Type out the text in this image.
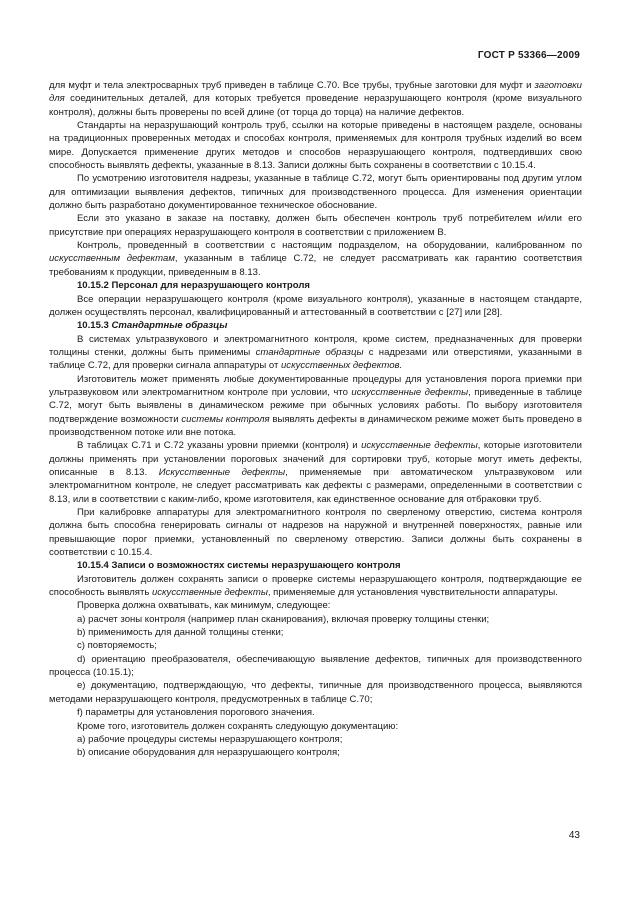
ГОСТ Р 53366—2009

для муфт и тела электросварных труб приведен в таблице С.70. Все трубы, трубные заготовки для муфт и заготовки для соединительных деталей, для которых требуется проведение неразрушающего контроля (кроме визуального контроля), должны быть проверены по всей длине (от торца до торца) на наличие дефектов.

Стандарты на неразрушающий контроль труб, ссылки на которые приведены в настоящем разделе, основаны на традиционных проверенных методах и способах контроля, применяемых для контроля трубных изделий во всем мире. Допускается применение других методов и способов неразрушающего контроля, подтвердивших свою способность выявлять дефекты, указанные в 8.13. Записи должны быть сохранены в соответствии с 10.15.4.

По усмотрению изготовителя надрезы, указанные в таблице С.72, могут быть ориентированы под другим углом для оптимизации выявления дефектов, типичных для производственного процесса. Для изменения ориентации должно быть разработано документированное техническое обоснование.

Если это указано в заказе на поставку, должен быть обеспечен контроль труб потребителем и/или его присутствие при операциях неразрушающего контроля в соответствии с приложением В.

Контроль, проведенный в соответствии с настоящим подразделом, на оборудовании, калиброванном по искусственным дефектам, указанным в таблице С.72, не следует рассматривать как гарантию соответствия требованиям к продукции, приведенным в 8.13.

10.15.2 Персонал для неразрушающего контроля

Все операции неразрушающего контроля (кроме визуального контроля), указанные в настоящем стандарте, должен осуществлять персонал, квалифицированный и аттестованный в соответствии с [27] или [28].

10.15.3 Стандартные образцы

В системах ультразвукового и электромагнитного контроля, кроме систем, предназначенных для проверки толщины стенки, должны быть применимы стандартные образцы с надрезами или отверстиями, указанными в таблице С.72, для проверки сигнала аппаратуры от искусственных дефектов.

Изготовитель может применять любые документированные процедуры для установления порога приемки при ультразвуковом или электромагнитном контроле при условии, что искусственные дефекты, приведенные в таблице С.72, могут быть выявлены в динамическом режиме при обычных условиях работы. По выбору изготовителя подтверждение возможности системы контроля выявлять дефекты в динамическом режиме может быть проведено в производственном потоке или вне потока.

В таблицах С.71 и С.72 указаны уровни приемки (контроля) и искусственные дефекты, которые изготовители должны применять при установлении пороговых значений для сортировки труб, которые могут иметь дефекты, описанные в 8.13. Искусственные дефекты, применяемые при автоматическом ультразвуковом или электромагнитном контроле, не следует рассматривать как дефекты с размерами, определенными в соответствии с 8.13, или в соответствии с каким-либо, кроме изготовителя, как единственное основание для отбраковки труб.

При калибровке аппаратуры для электромагнитного контроля по сверленому отверстию, система контроля должна быть способна генерировать сигналы от надрезов на наружной и внутренней поверхностях, равные или превышающие порог приемки, установленный по сверленому отверстию. Записи должны быть сохранены в соответствии с 10.15.4.

10.15.4 Записи о возможностях системы неразрушающего контроля

Изготовитель должен сохранять записи о проверке системы неразрушающего контроля, подтверждающие ее способность выявлять искусственные дефекты, применяемые для установления чувствительности аппаратуры.

Проверка должна охватывать, как минимум, следующее:

а) расчет зоны контроля (например план сканирования), включая проверку толщины стенки;

b) применимость для данной толщины стенки;

с) повторяемость;

d) ориентацию преобразователя, обеспечивающую выявление дефектов, типичных для производственного процесса (10.15.1);

е) документацию, подтверждающую, что дефекты, типичные для производственного процесса, выявляются методами неразрушающего контроля, предусмотренных в таблице С.70;

f) параметры для установления порогового значения.

Кроме того, изготовитель должен сохранять следующую документацию:

а) рабочие процедуры системы неразрушающего контроля;

b) описание оборудования для неразрушающего контроля;

43
